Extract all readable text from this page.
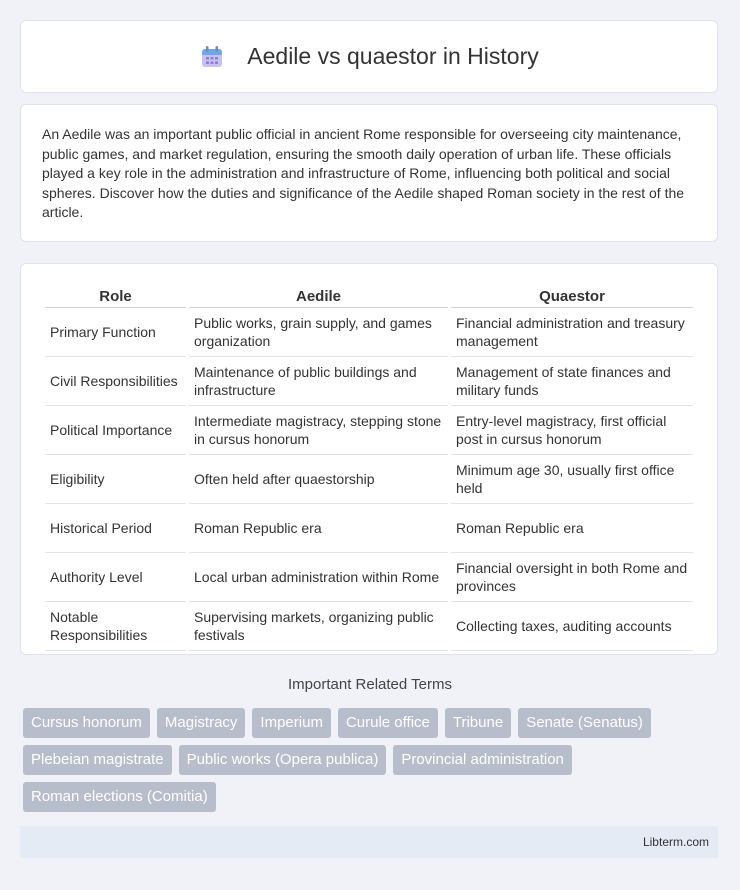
Aedile vs quaestor in History

An Aedile was an important public official in ancient Rome responsible for overseeing city maintenance, public games, and market regulation, ensuring the smooth daily operation of urban life. These officials played a key role in the administration and infrastructure of Rome, influencing both political and social spheres. Discover how the duties and significance of the Aedile shaped Roman society in the rest of the article.

Role	Aedile	Quaestor
Primary Function	Public works, grain supply, and games organization	Financial administration and treasury management
Civil Responsibilities	Maintenance of public buildings and infrastructure	Management of state finances and military funds
Political Importance	Intermediate magistracy, stepping stone in cursus honorum	Entry-level magistracy, first official post in cursus honorum
Eligibility	Often held after quaestorship	Minimum age 30, usually first office held
Historical Period	Roman Republic era	Roman Republic era
Authority Level	Local urban administration within Rome	Financial oversight in both Rome and provinces
Notable Responsibilities	Supervising markets, organizing public festivals	Collecting taxes, auditing accounts
Important Related Terms
Cursus honorum	Magistracy	Imperium	Curule office	Tribune	Senate (Senatus)
Plebeian magistrate	Public works (Opera publica)	Provincial administration
Roman elections (Comitia)
Libterm.com
